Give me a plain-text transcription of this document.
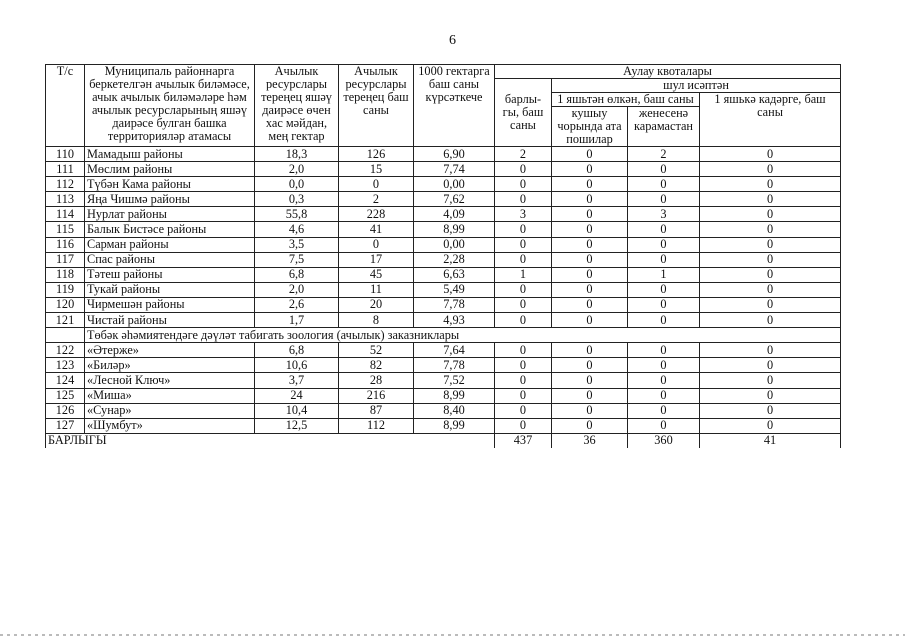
6
Т/с	Муниципаль районнарга беркетелгән ачылык биләмәсе, ачык ачылык биләмәләре һәм ачылык ресурсларының яшәү даирәсе булган башка территорияләр атамасы	Ачылык ресурслары тереңец яшәү даирәсе өчен хас мәйдан, мең гектар	Ачылык ресурслары тереңец баш саны	1000 гектарга баш саны күрсәткече	Аулау квоталары			
					барлы-гы, баш саны	шул исәптән		
						1 яшьтән өлкән, баш саны		1 яшькә кадәрге, баш саны
						кушыу чорында ата пошилар	женесенә карамастан	
110	Мамадыш районы	18,3	126	6,90	2	0	2	0
111	Мөслим районы	2,0	15	7,74	0	0	0	0
112	Түбән Кама районы	0,0	0	0,00	0	0	0	0
113	Яңа Чишмә районы	0,3	2	7,62	0	0	0	0
114	Нурлат районы	55,8	228	4,09	3	0	3	0
115	Балык Бистәсе районы	4,6	41	8,99	0	0	0	0
116	Сарман районы	3,5	0	0,00	0	0	0	0
117	Спас районы	7,5	17	2,28	0	0	0	0
118	Тәтеш районы	6,8	45	6,63	1	0	1	0
119	Тукай районы	2,0	11	5,49	0	0	0	0
120	Чирмешән районы	2,6	20	7,78	0	0	0	0
121	Чистай районы	1,7	8	4,93	0	0	0	0
	Төбәк әһәмиятендәге дәүләт табигать зоология (ачылык) заказниклары							
122	«Әтерже»	6,8	52	7,64	0	0	0	0
123	«Биләр»	10,6	82	7,78	0	0	0	0
124	«Лесной Ключ»	3,7	28	7,52	0	0	0	0
125	«Миша»	24	216	8,99	0	0	0	0
126	«Сунар»	10,4	87	8,40	0	0	0	0
127	«Шумбут»	12,5	112	8,99	0	0	0	0
БАРЛЫГЫ					437	36	360	41
